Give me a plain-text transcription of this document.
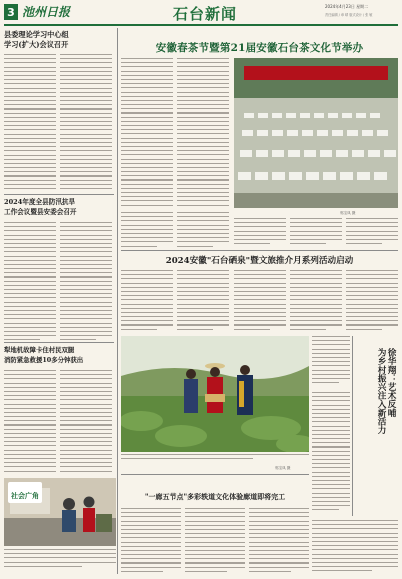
3 池州日报	石台新闻	2024年4月23日 星期二
责任编辑 / 章 晴 版式设计 / 张 敏
县委理论学习中心组
学习(扩大)会议召开
2024年度全县防汛抗旱
工作会议暨县安委会召开
犁地机故障卡住村民双腿
消防紧急救援10多分钟获出
社会广角
安徽春茶节暨第21届安徽石台茶文化节举办
郭宝凤 摄
2024安徽"石台硒泉"暨文旅推介月系列活动启动
郭宝凤 摄
徐华翔：艺术反哺
为乡村振兴注入新活力
"一廊五节点"多彩轶道文化体验廊道即将完工
